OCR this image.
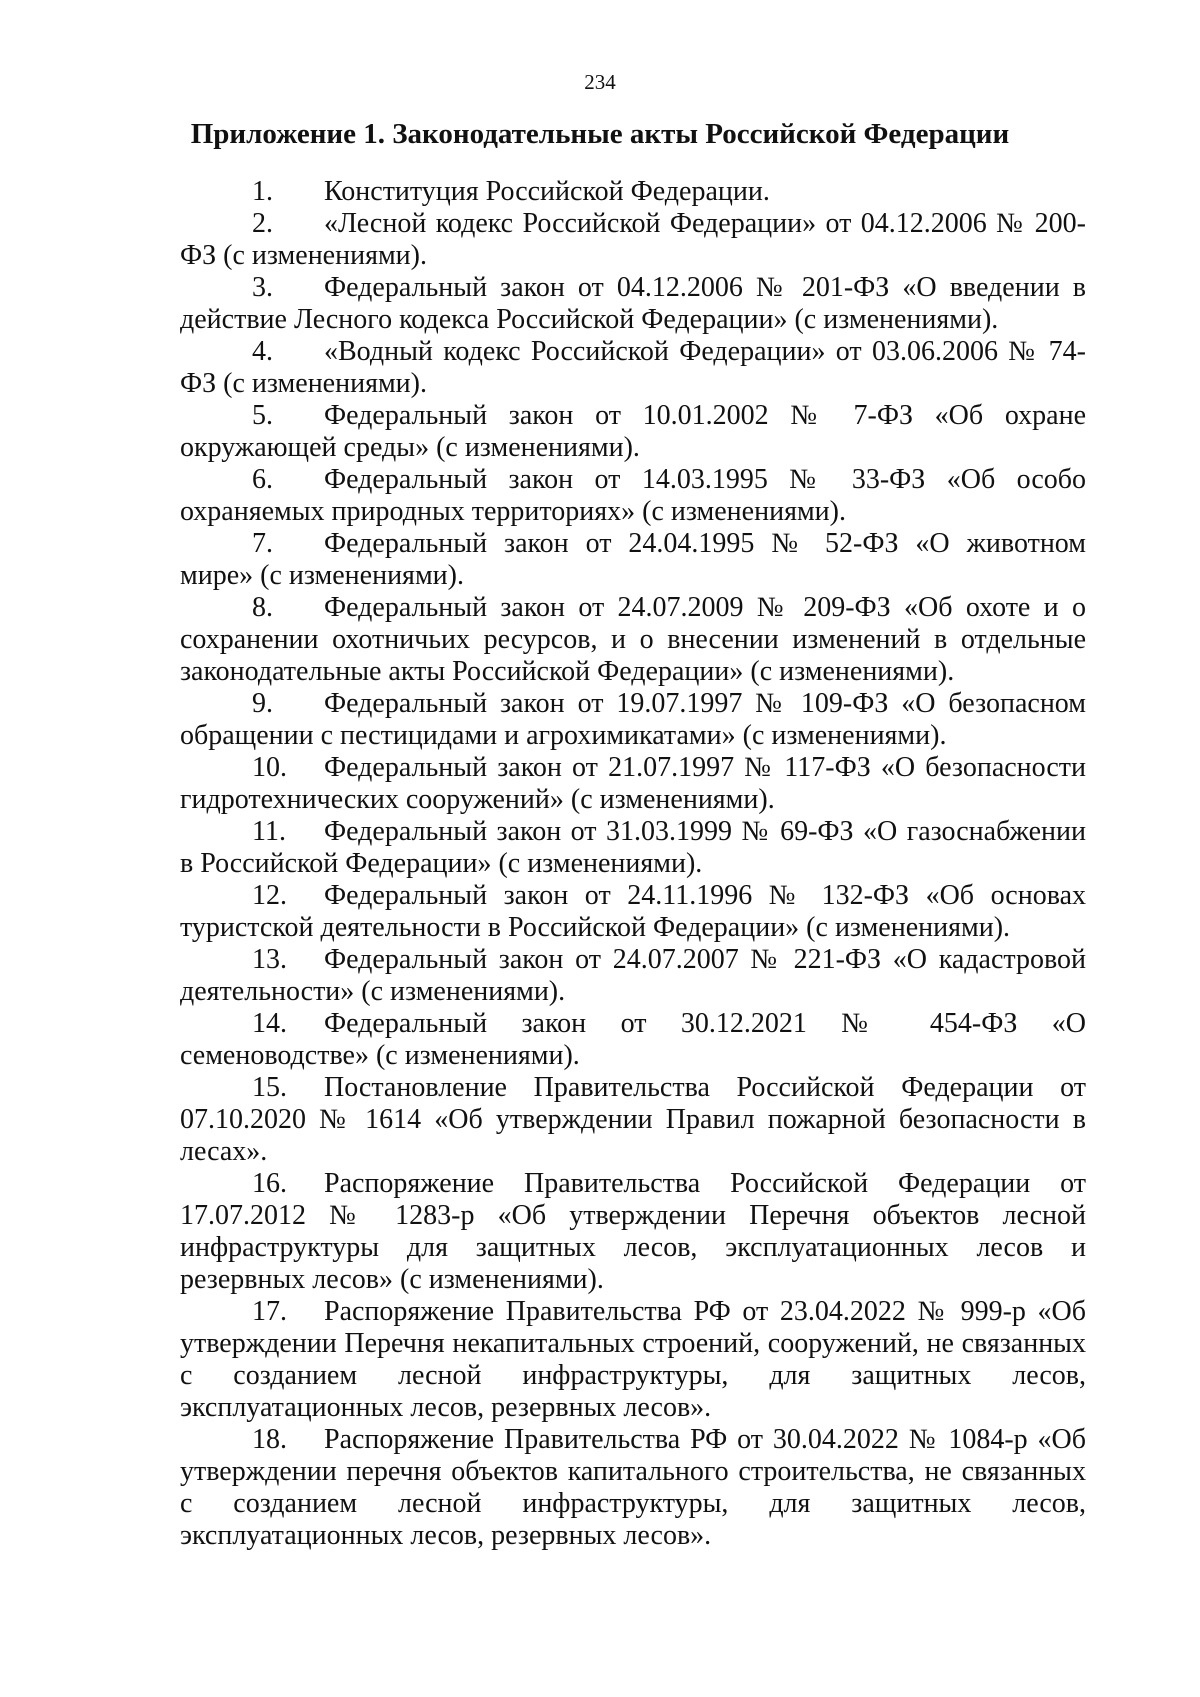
234
Приложение 1. Законодательные акты Российской Федерации

1. Конституция Российской Федерации.

2. «Лесной кодекс Российской Федерации» от 04.12.2006 № 200-ФЗ (с изменениями).

3. Федеральный закон от 04.12.2006 № 201-ФЗ «О введении в действие Лесного кодекса Российской Федерации» (с изменениями).

4. «Водный кодекс Российской Федерации» от 03.06.2006 № 74-ФЗ (с изменениями).

5. Федеральный закон от 10.01.2002 № 7-ФЗ «Об охране окружающей среды» (с изменениями).

6. Федеральный закон от 14.03.1995 № 33-ФЗ «Об особо охраняемых природных территориях» (с изменениями).

7. Федеральный закон от 24.04.1995 № 52-ФЗ «О животном мире» (с изменениями).

8. Федеральный закон от 24.07.2009 № 209-ФЗ «Об охоте и о сохранении охотничьих ресурсов, и о внесении изменений в отдельные законодательные акты Российской Федерации» (с изменениями).

9. Федеральный закон от 19.07.1997 № 109-ФЗ «О безопасном обращении с пестицидами и агрохимикатами» (с изменениями).

10. Федеральный закон от 21.07.1997 № 117-ФЗ «О безопасности гидротехнических сооружений» (с изменениями).

11. Федеральный закон от 31.03.1999 № 69-ФЗ «О газоснабжении в Российской Федерации» (с изменениями).

12. Федеральный закон от 24.11.1996 № 132-ФЗ «Об основах туристской деятельности в Российской Федерации» (с изменениями).

13. Федеральный закон от 24.07.2007 № 221-ФЗ «О кадастровой деятельности» (с изменениями).

14. Федеральный закон от 30.12.2021 № 454-ФЗ «О семеноводстве» (с изменениями).

15. Постановление Правительства Российской Федерации от 07.10.2020 № 1614 «Об утверждении Правил пожарной безопасности в лесах».

16. Распоряжение Правительства Российской Федерации от 17.07.2012 № 1283-р «Об утверждении Перечня объектов лесной инфраструктуры для защитных лесов, эксплуатационных лесов и резервных лесов» (с изменениями).

17. Распоряжение Правительства РФ от 23.04.2022 № 999-р «Об утверждении Перечня некапитальных строений, сооружений, не связанных с созданием лесной инфраструктуры, для защитных лесов, эксплуатационных лесов, резервных лесов».

18. Распоряжение Правительства РФ от 30.04.2022 № 1084-р «Об утверждении перечня объектов капитального строительства, не связанных с созданием лесной инфраструктуры, для защитных лесов, эксплуатационных лесов, резервных лесов».
